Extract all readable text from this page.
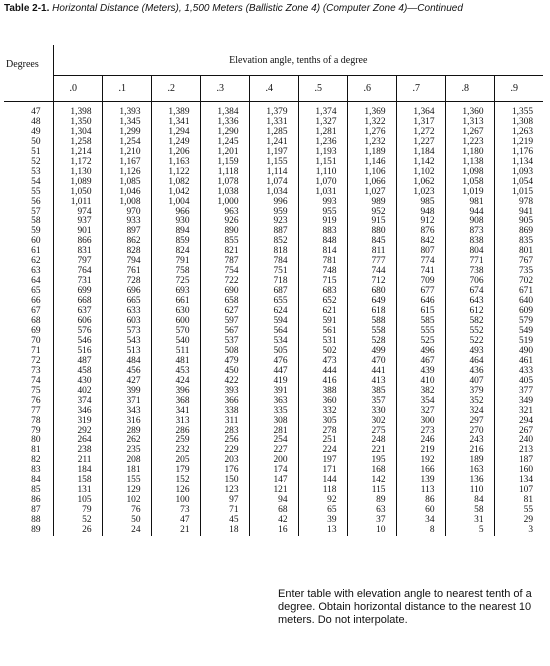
Table 2-1. Horizontal Distance (Meters), 1,500 Meters (Ballistic Zone 4) (Computer Zone 4)—Continued
Degrees	Elevation angle, tenths of a degree									
	.0	.1	.2	.3	.4	.5	.6	.7	.8	.9
47	1,398	1,393	1,389	1,384	1,379	1,374	1,369	1,364	1,360	1,355
48	1,350	1,345	1,341	1,336	1,331	1,327	1,322	1,317	1,313	1,308
49	1,304	1,299	1,294	1,290	1,285	1,281	1,276	1,272	1,267	1,263
50	1,258	1,254	1,249	1,245	1,241	1,236	1,232	1,227	1,223	1,219
51	1,214	1,210	1,206	1,201	1,197	1,193	1,189	1,184	1,180	1,176
52	1,172	1,167	1,163	1,159	1,155	1,151	1,146	1,142	1,138	1,134
53	1,130	1,126	1,122	1,118	1,114	1,110	1,106	1,102	1,098	1,093
54	1,089	1,085	1,082	1,078	1,074	1,070	1,066	1,062	1,058	1,054
55	1,050	1,046	1,042	1,038	1,034	1,031	1,027	1,023	1,019	1,015
56	1,011	1,008	1,004	1,000	996	993	989	985	981	978
57	974	970	966	963	959	955	952	948	944	941
58	937	933	930	926	923	919	915	912	908	905
59	901	897	894	890	887	883	880	876	873	869
60	866	862	859	855	852	848	845	842	838	835
61	831	828	824	821	818	814	811	807	804	801
62	797	794	791	787	784	781	777	774	771	767
63	764	761	758	754	751	748	744	741	738	735
64	731	728	725	722	718	715	712	709	706	702
65	699	696	693	690	687	683	680	677	674	671
66	668	665	661	658	655	652	649	646	643	640
67	637	633	630	627	624	621	618	615	612	609
68	606	603	600	597	594	591	588	585	582	579
69	576	573	570	567	564	561	558	555	552	549
70	546	543	540	537	534	531	528	525	522	519
71	516	513	511	508	505	502	499	496	493	490
72	487	484	481	479	476	473	470	467	464	461
73	458	456	453	450	447	444	441	439	436	433
74	430	427	424	422	419	416	413	410	407	405
75	402	399	396	393	391	388	385	382	379	377
76	374	371	368	366	363	360	357	354	352	349
77	346	343	341	338	335	332	330	327	324	321
78	319	316	313	311	308	305	302	300	297	294
79	292	289	286	283	281	278	275	273	270	267
80	264	262	259	256	254	251	248	246	243	240
81	238	235	232	229	227	224	221	219	216	213
82	211	208	205	203	200	197	195	192	189	187
83	184	181	179	176	174	171	168	166	163	160
84	158	155	152	150	147	144	142	139	136	134
85	131	129	126	123	121	118	115	113	110	107
86	105	102	100	97	94	92	89	86	84	81
87	79	76	73	71	68	65	63	60	58	55
88	52	50	47	45	42	39	37	34	31	29
89	26	24	21	18	16	13	10	8	5	3
Enter table with elevation angle to nearest tenth of a degree. Obtain horizontal distance to the nearest 10 meters. Do not interpolate.
